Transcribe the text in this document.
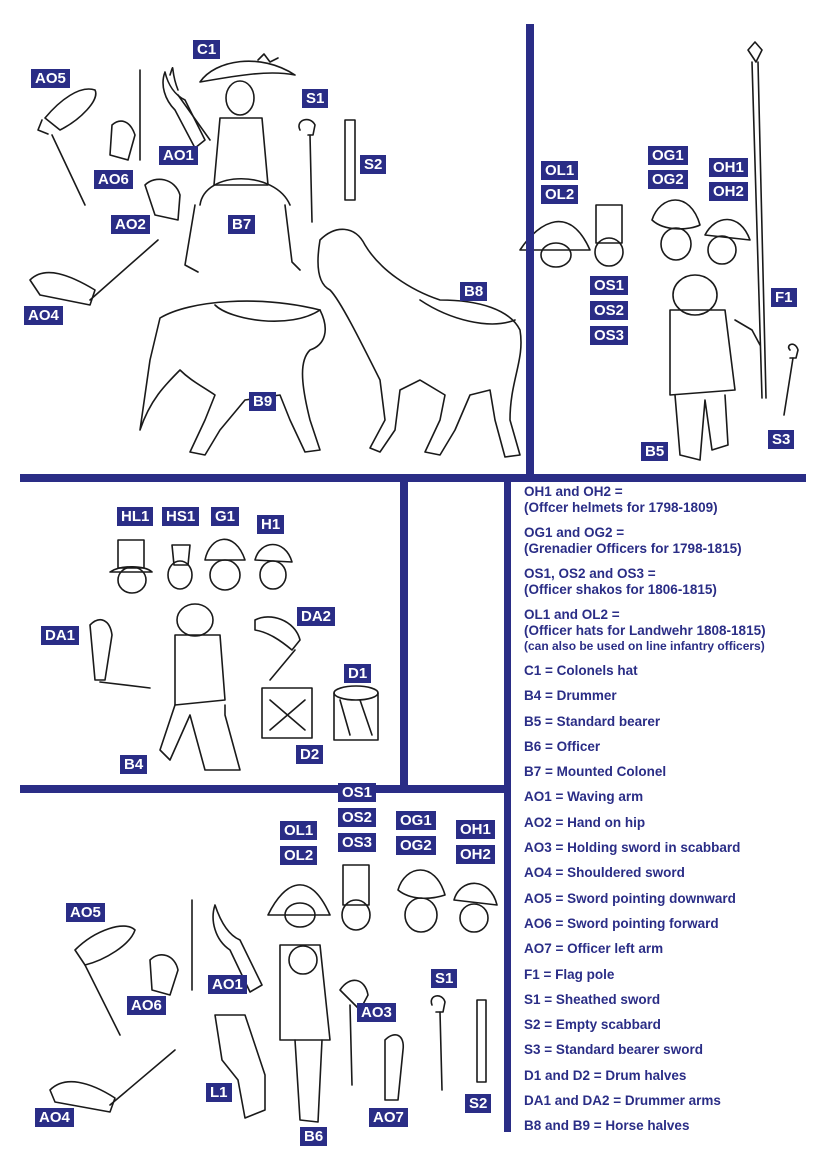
AO5
C1
S1
AO1
S2
AO6
AO2	B7
B8
AO4
B9
OL1
OL2
OG1
OG2
OH1
OH2
OS1
OS2
OS3
F1
S3
B5
HL1 HS1 G1 H1
DA1
DA2
D1
D2
B4
OS1
OS2
OS3
OL1
OL2
OG1
OG2
OH1
OH2
AO5
AO1	S1
AO6	AO3
L1
S2
AO4	AO7
B6
OH1 and OH2 =
(Offcer helmets for 1798-1809)
OG1 and OG2 =
(Grenadier Officers for 1798-1815)
OS1, OS2 and OS3 =
(Officer shakos for 1806-1815)
OL1 and OL2 =
(Officer hats for Landwehr 1808-1815)
(can also be used on line infantry officers)
C1 = Colonels hat
B4 = Drummer
B5 = Standard bearer
B6 = Officer
B7 = Mounted Colonel
AO1 = Waving arm
AO2 = Hand on hip
AO3 = Holding sword in scabbard
AO4 = Shouldered sword
AO5 = Sword pointing downward
AO6 = Sword pointing forward
AO7 = Officer left arm
F1 = Flag pole
S1 = Sheathed sword
S2 = Empty scabbard
S3 = Standard bearer sword
D1 and D2 = Drum halves
DA1 and DA2 = Drummer arms
B8 and B9 = Horse halves
